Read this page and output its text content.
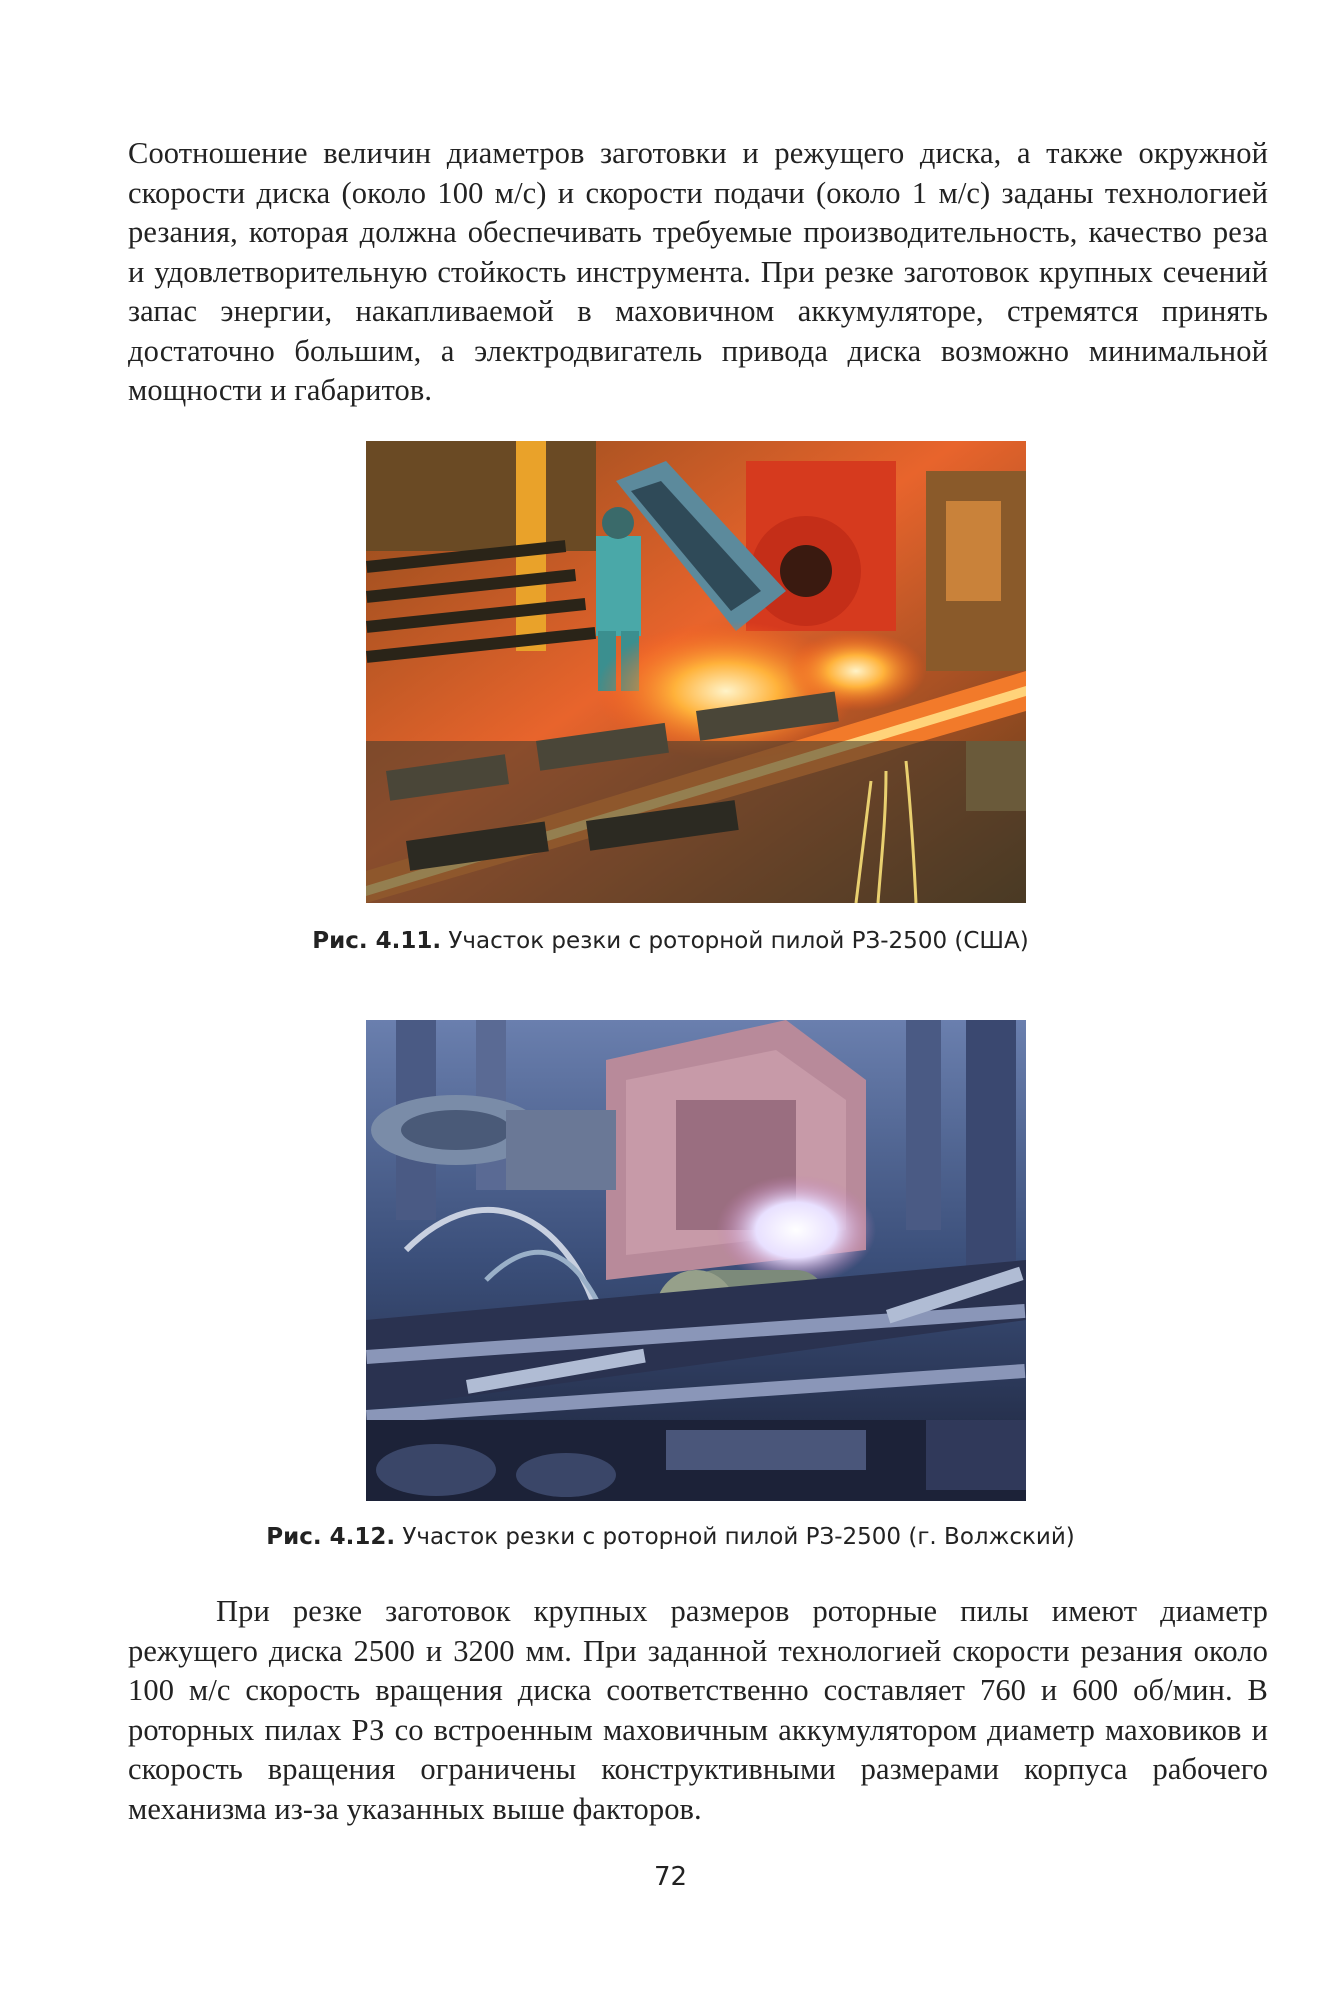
Соотношение величин диаметров заготовки и режущего диска, а также окружной скорости диска (около 100 м/с) и скорости подачи (около 1 м/с) заданы технологией резания, которая должна обеспечивать требуемые производительность, качество реза и удовлетворительную стойкость инструмента. При резке заготовок крупных сечений запас энергии, накапливаемой в маховичном аккумуляторе, стремятся принять достаточно большим, а электродвигатель привода диска возможно минимальной мощности и габаритов.

Рис. 4.11. Участок резки с роторной пилой РЗ-2500 (США)
Рис. 4.12. Участок резки с роторной пилой РЗ-2500 (г. Волжский)

При резке заготовок крупных размеров роторные пилы имеют диаметр режущего диска 2500 и 3200 мм. При заданной технологией скорости резания около 100 м/с скорость вращения диска соответственно составляет 760 и 600 об/мин. В роторных пилах РЗ со встроенным маховичным аккумулятором диаметр маховиков и скорость вращения ограничены конструктивными размерами корпуса рабочего механизма из-за указанных выше факторов.

72
